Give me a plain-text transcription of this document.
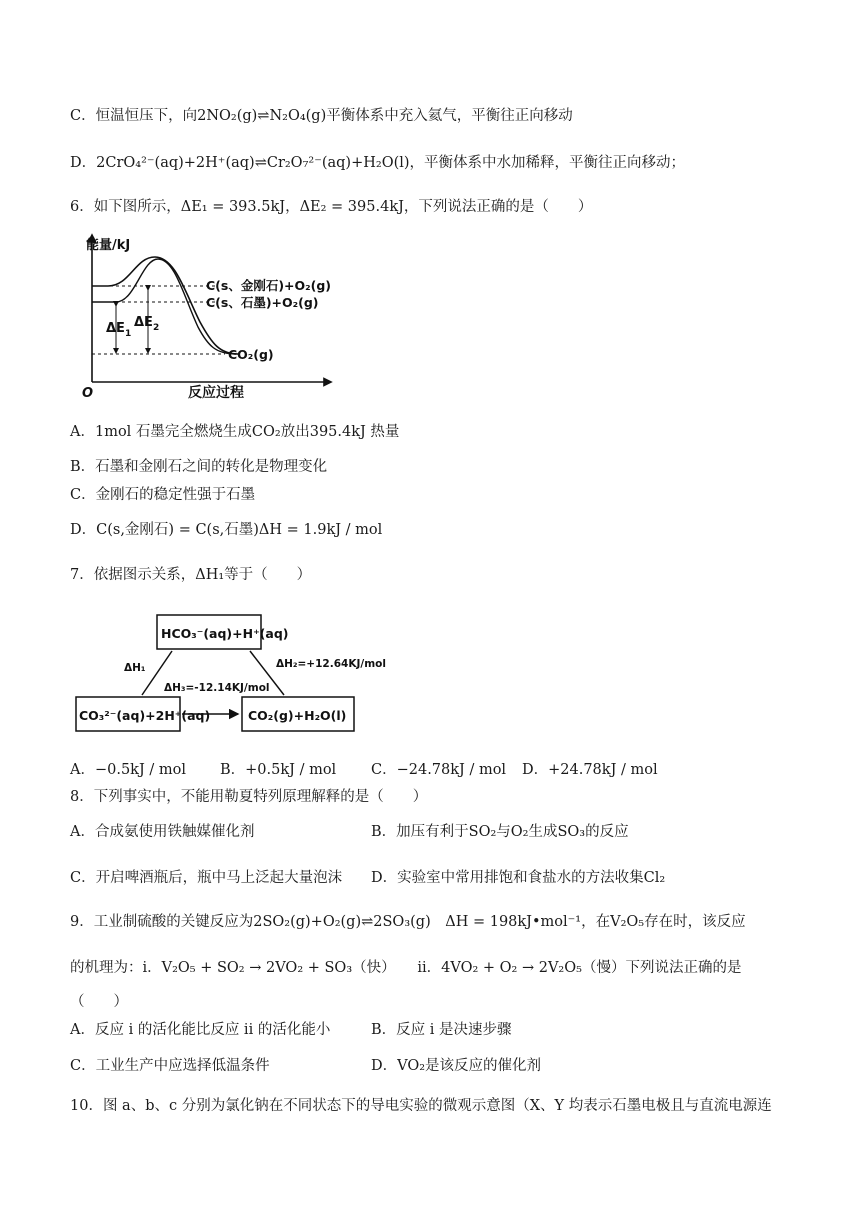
C．恒温恒压下，向2NO₂(g)⇌N₂O₄(g)平衡体系中充入氦气，平衡往正向移动
D．2CrO₄²⁻(aq)+2H⁺(aq)⇌Cr₂O₇²⁻(aq)+H₂O(l)，平衡体系中水加稀释，平衡往正向移动；
6．如下图所示，ΔE₁ = 393.5kJ，ΔE₂ = 395.4kJ，下列说法正确的是（　　）
能量/kJ
O	反应过程
$\Delta E_1$
$\Delta E_2$
C(s、金刚石)+O₂(g)
C(s、石墨)+O₂(g)
CO₂(g)
A．1mol 石墨完全燃烧生成CO₂放出395.4kJ 热量
B．石墨和金刚石之间的转化是物理变化
C．金刚石的稳定性强于石墨
D．C(s,金刚石) = C(s,石墨)ΔH = 1.9kJ / mol
7．依据图示关系，ΔH₁等于（　　）
HCO₃⁻(aq)+H⁺(aq)
CO₃²⁻(aq)+2H⁺(aq)	CO₂(g)+H₂O(l)
ΔH₁	ΔH₂=+12.64KJ/mol
ΔH₃=-12.14KJ/mol
A．−0.5kJ / mol B．+0.5kJ / mol C．−24.78kJ / mol D．+24.78kJ / mol
8．下列事实中，不能用勒夏特列原理解释的是（　　）
A．合成氨使用铁触媒催化剂	B．加压有利于SO₂与O₂生成SO₃的反应
C．开启啤酒瓶后，瓶中马上泛起大量泡沫 D．实验室中常用排饱和食盐水的方法收集Cl₂
9．工业制硫酸的关键反应为2SO₂(g)+O₂(g)⇌2SO₃(g)　ΔH = 198kJ•mol⁻¹，在V₂O₅存在时，该反应
的机理为：i．V₂O₅ + SO₂ → 2VO₂ + SO₃（快）　　ii．4VO₂ + O₂ → 2V₂O₅（慢）下列说法正确的是
（　　）
A．反应 i 的活化能比反应 ii 的活化能小	B．反应 i 是决速步骤
C．工业生产中应选择低温条件	D．VO₂是该反应的催化剂
10．图 a、b、c 分别为氯化钠在不同状态下的导电实验的微观示意图（X、Y 均表示石墨电极且与直流电源连
